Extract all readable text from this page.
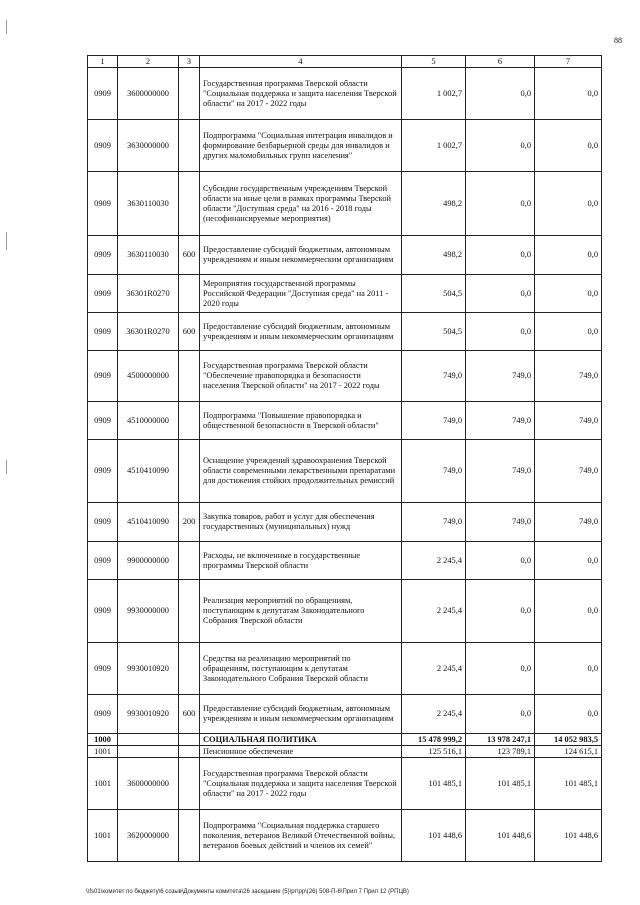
88
1	2	3	4	5	6	7
0909	3600000000		Государственная программа Тверской области "Социальная поддержка и защита населения Тверской области" на 2017 - 2022 годы	1 002,7	0,0	0,0
0909	3630000000		Подпрограмма "Социальная интеграция инвалидов и формирование безбарьерной среды для инвалидов и других маломобильных групп населения"	1 002,7	0,0	0,0
0909	3630110030		Субсидии государственным учреждениям Тверской области на иные цели в рамках программы Тверской области "Доступная среда" на 2016 - 2018 годы (несофинансируемые мероприятия)	498,2	0,0	0,0
0909	3630110030	600	Предоставление субсидий бюджетным, автономным учреждениям и иным некоммерческим организациям	498,2	0,0	0,0
0909	36301R0270		Мероприятия государственной программы Российской Федерации "Доступная среда" на 2011 - 2020 годы	504,5	0,0	0,0
0909	36301R0270	600	Предоставление субсидий бюджетным, автономным учреждениям и иным некоммерческим организациям	504,5	0,0	0,0
0909	4500000000		Государственная программа Тверской области "Обеспечение правопорядка и безопасности населения Тверской области" на 2017 - 2022 годы	749,0	749,0	749,0
0909	4510000000		Подпрограмма "Повышение правопорядка и общественной безопасности в Тверской области"	749,0	749,0	749,0
0909	4510410090		Оснащение учреждений здравоохранения Тверской области современными лекарственными препаратами для достижения стойких продолжительных ремиссий	749,0	749,0	749,0
0909	4510410090	200	Закупка товаров, работ и услуг для обеспечения государственных (муниципальных) нужд	749,0	749,0	749,0
0909	9900000000		Расходы, не включенные в государственные программы Тверской области	2 245,4	0,0	0,0
0909	9930000000		Реализация мероприятий по обращениям, поступающим к депутатам Законодательного Собрания Тверской области	2 245,4	0,0	0,0
0909	9930010920		Средства на реализацию мероприятий по обращениям, поступающим к депутатам Законодательного Собрания Тверской области	2 245,4	0,0	0,0
0909	9930010920	600	Предоставление субсидий бюджетным, автономным учреждениям и иным некоммерческим организациям	2 245,4	0,0	0,0
1000			СОЦИАЛЬНАЯ ПОЛИТИКА	15 478 999,2	13 978 247,1	14 052 983,5
1001			Пенсионное обеспечение	125 516,1	123 789,1	124 615,1
1001	3600000000		Государственная программа Тверской области "Социальная поддержка и защита населения Тверской области" на 2017 - 2022 годы	101 485,1	101 485,1	101 485,1
1001	3620000000		Подпрограмма "Социальная поддержка старшего поколения, ветеранов Великой Отечественной войны, ветеранов боевых действий и членов их семей"	101 448,6	101 448,6	101 448,6
\\fs01\комитет по бюджету\6 созыв\Документы комитета\26 заседание (5)\рг\рр\(26) 508-П-6\Прил 7 Прил 12 (РПЦВ)
